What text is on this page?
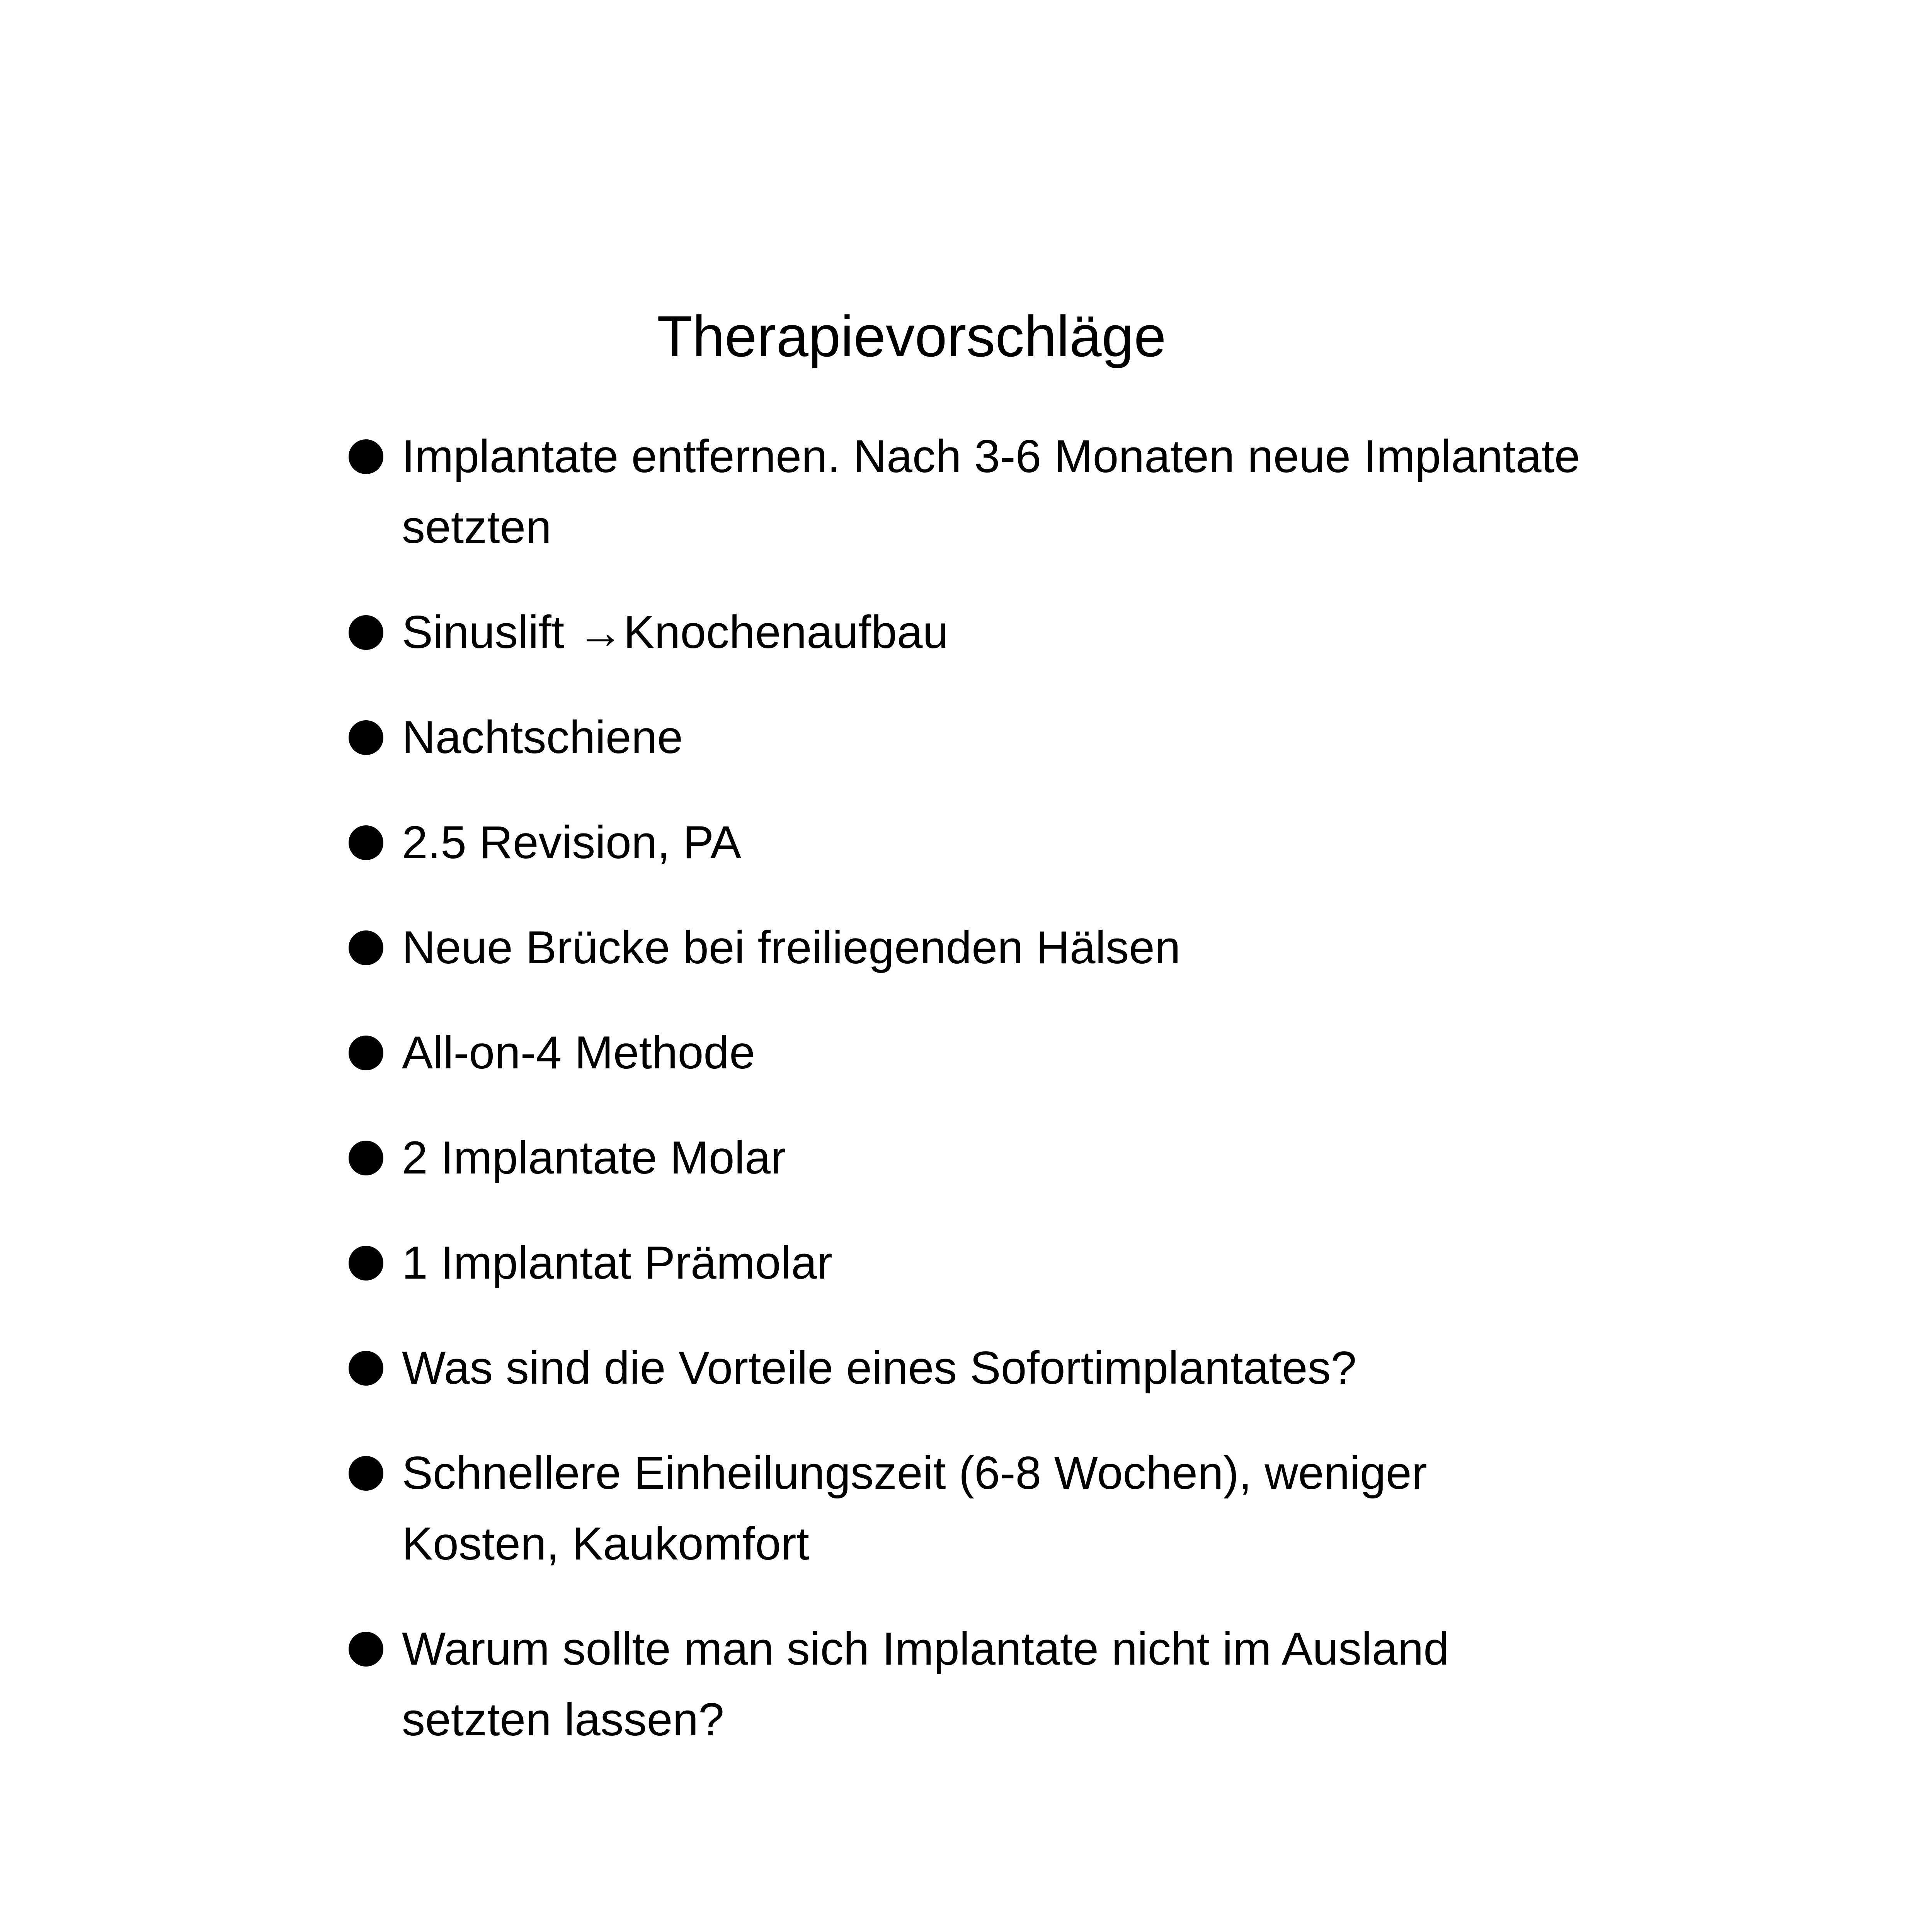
Therapievorschläge
Implantate entfernen. Nach 3-6 Monaten neue Implantate setzten
Sinuslift →Knochenaufbau
Nachtschiene
2.5 Revision, PA
Neue Brücke bei freiliegenden Hälsen
All-on-4 Methode
2 Implantate Molar
1 Implantat Prämolar
Was sind die Vorteile eines Sofortimplantates?
Schnellere Einheilungszeit (6-8 Wochen), weniger Kosten, Kaukomfort
Warum sollte man sich Implantate nicht im Ausland setzten lassen?
